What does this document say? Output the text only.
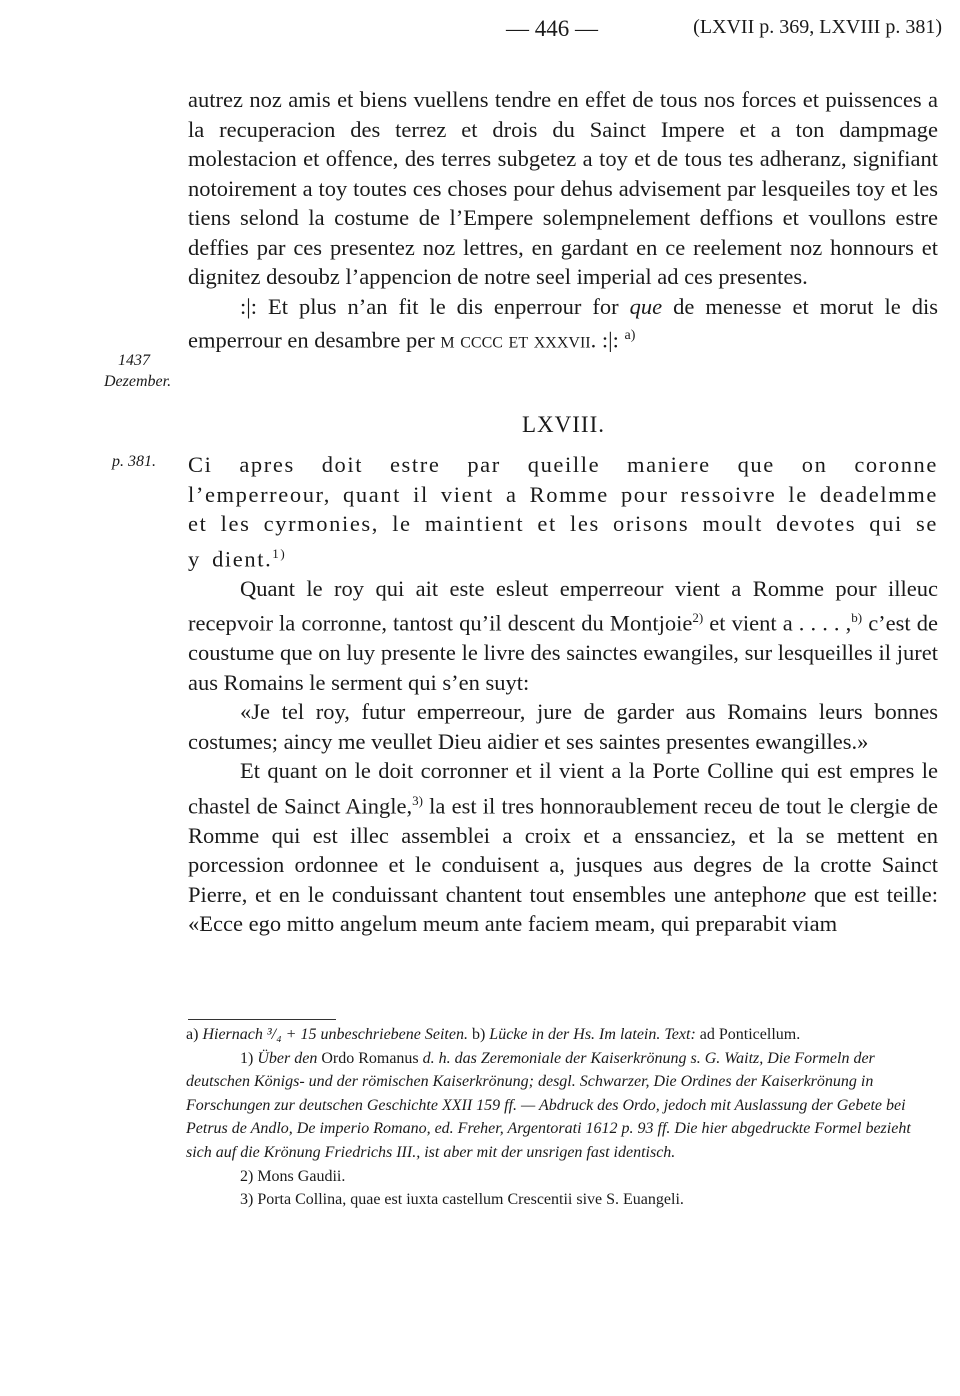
— 446 —	(LXVII p. 369, LXVIII p. 381)

autrez noz amis et biens vuellens tendre en effet de tous nos forces et puissences a la recuperacion des terrez et drois du Sainct Impere et a ton dampmage molestacion et offence, des terres subgetez a toy et de tous tes adheranz, signifiant notoirement a toy toutes ces choses pour dehus advisement par lesqueiles toy et les tiens selond la costume de l’Empere solempnelement deffions et voullons estre deffies par ces presentez noz lettres, en gardant en ce reelement noz honnours et dignitez desoubz l’appencion de notre seel imperial ad ces presentes.

:|: Et plus n’an fit le dis enperrour for que de menesse et morut le dis emperrour en desambre per m cccc et xxxvii. :|: $^{a)}$

1437
Dezember.
LXVIII.
p. 381. Ci apres doit estre par queille maniere que on coronne l’emperreour, quant il vient a Romme pour ressoivre le deadelmme et les cyrmonies, le maintient et les orisons moult devotes qui se y dient.$^{1)}$

Quant le roy qui ait este esleut emperreour vient a Romme pour illeuc recepvoir la corronne, tantost qu’il descent du Montjoie$^{2)}$ et vient a . . . . ,$^{b)}$ c’est de coustume que on luy presente le livre des sainctes ewangiles, sur lesqueilles il juret aus Romains le serment qui s’en suyt:

«Je tel roy, futur emperreour, jure de garder aus Romains leurs bonnes costumes; aincy me veullet Dieu aidier et ses saintes presentes ewangilles.»

Et quant on le doit corronner et il vient a la Porte Colline qui est empres le chastel de Sainct Aingle,$^{3)}$ la est il tres honnoraublement receu de tout le clergie de Romme qui est illec assemblei a croix et a enssanciez, et la se mettent en porcession ordonnee et le conduisent a, jusques aus degres de la crotte Sainct Pierre, et en le conduissant chantent tout ensembles une antephone que est teille: «Ecce ego mitto angelum meum ante faciem meam, qui preparabit viam

a) Hiernach ³/₄ + 15 unbeschriebene Seiten. b) Lücke in der Hs. Im latein. Text: ad Ponticellum.

1) Über den Ordo Romanus d. h. das Zeremoniale der Kaiserkrönung s. G. Waitz, Die Formeln der deutschen Königs- und der römischen Kaiserkrönung; desgl. Schwarzer, Die Ordines der Kaiserkrönung in Forschungen zur deutschen Geschichte XXII 159 ff. — Abdruck des Ordo, jedoch mit Auslassung der Gebete bei Petrus de Andlo, De imperio Romano, ed. Freher, Argentorati 1612 p. 93 ff. Die hier abgedruckte Formel bezieht sich auf die Krönung Friedrichs III., ist aber mit der unsrigen fast identisch.

2) Mons Gaudii.

3) Porta Collina, quae est iuxta castellum Crescentii sive S. Euangeli.
